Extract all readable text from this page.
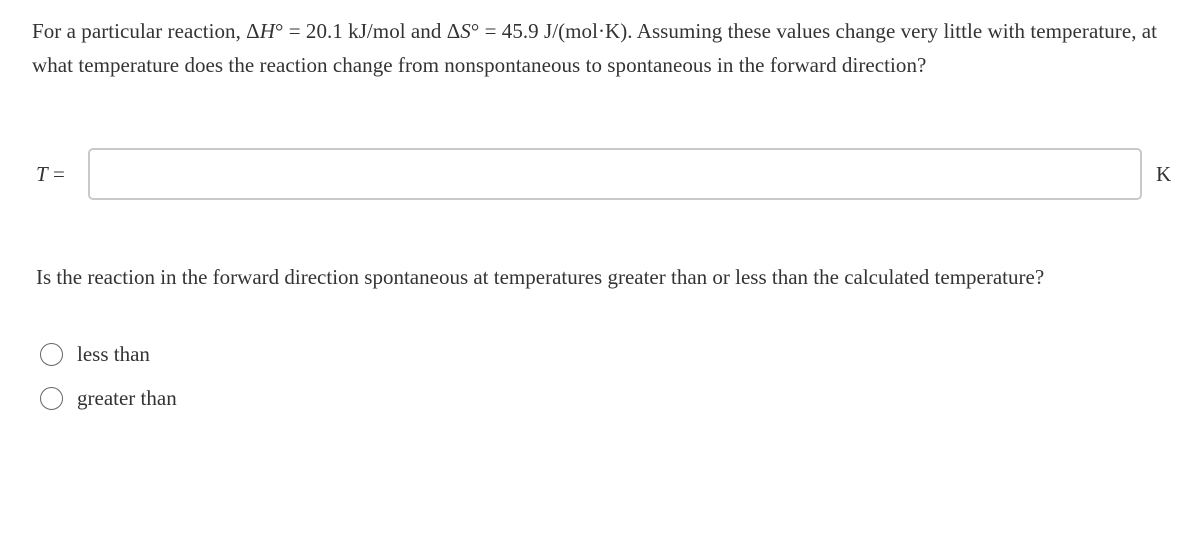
For a particular reaction, ΔH° = 20.1 kJ/mol and ΔS° = 45.9 J/(mol·K). Assuming these values change very little with temperature, at what temperature does the reaction change from nonspontaneous to spontaneous in the forward direction?
T =	K
Is the reaction in the forward direction spontaneous at temperatures greater than or less than the calculated temperature?
less than
greater than
